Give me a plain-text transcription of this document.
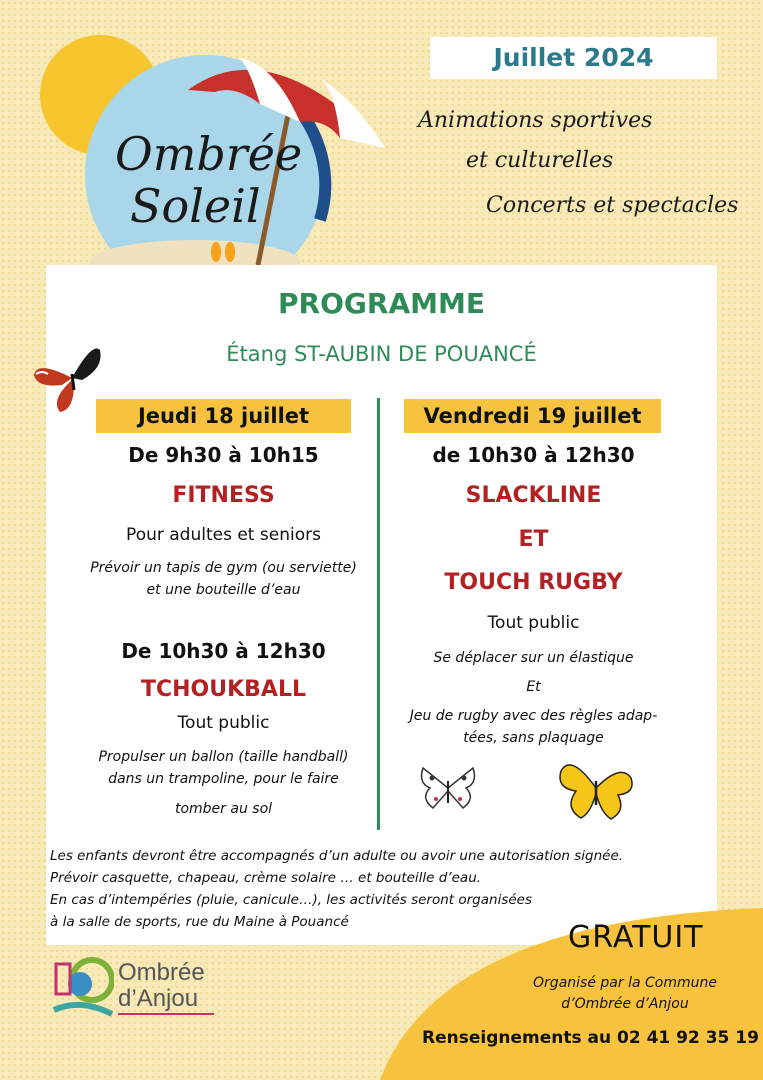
Ombrée
Soleil
Juillet 2024
Animations sportives
et culturelles
Concerts et spectacles
PROGRAMME
Étang ST-AUBIN DE POUANCÉ
Jeudi 18 juillet
De 9h30 à 10h15
FITNESS
Pour adultes et seniors
Prévoir un tapis de gym (ou serviette)
et une bouteille d’eau
De 10h30 à 12h30
TCHOUKBALL
Tout public
Propulser un ballon (taille handball)
dans un trampoline, pour le faire
tomber au sol
Vendredi 19 juillet
de 10h30 à 12h30
SLACKLINE
ET
TOUCH RUGBY
Tout public
Se déplacer sur un élastique
Et
Jeu de rugby avec des règles adap-
tées, sans plaquage
Les enfants devront être accompagnés d’un adulte ou avoir une autorisation signée.
Prévoir casquette, chapeau, crème solaire … et bouteille d’eau.
En cas d’intempéries (pluie, canicule…), les activités seront organisées
à la salle de sports, rue du Maine à Pouancé	GRATUIT
Organisé par la Commune
d’Ombrée d’Anjou
Renseignements au 02 41 92 35 19
Ombrée
d’Anjou
